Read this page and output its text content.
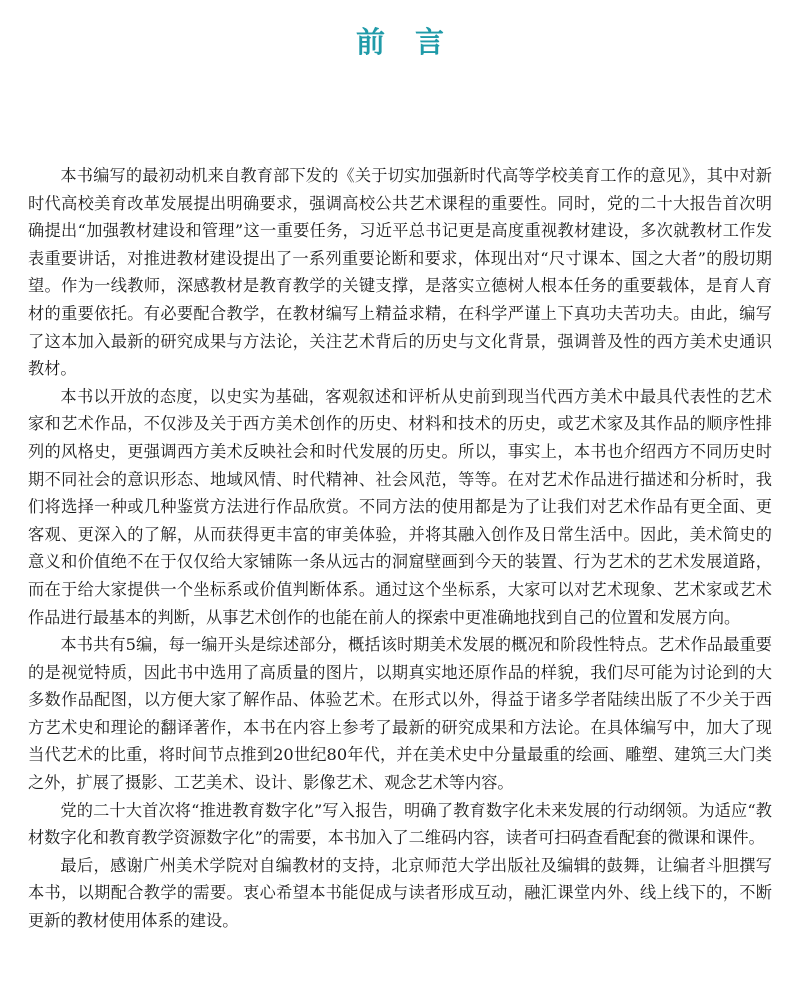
前言

本书编写的最初动机来自教育部下发的《关于切实加强新时代高等学校美育工作的意见》，其中对新时代高校美育改革发展提出明确要求，强调高校公共艺术课程的重要性。同时，党的二十大报告首次明确提出“加强教材建设和管理”这一重要任务，习近平总书记更是高度重视教材建设，多次就教材工作发表重要讲话，对推进教材建设提出了一系列重要论断和要求，体现出对“尺寸课本、国之大者”的殷切期望。作为一线教师，深感教材是教育教学的关键支撑，是落实立德树人根本任务的重要载体，是育人育材的重要依托。有必要配合教学，在教材编写上精益求精，在科学严谨上下真功夫苦功夫。由此，编写了这本加入最新的研究成果与方法论，关注艺术背后的历史与文化背景，强调普及性的西方美术史通识教材。

本书以开放的态度，以史实为基础，客观叙述和评析从史前到现当代西方美术中最具代表性的艺术家和艺术作品，不仅涉及关于西方美术创作的历史、材料和技术的历史，或艺术家及其作品的顺序性排列的风格史，更强调西方美术反映社会和时代发展的历史。所以，事实上，本书也介绍西方不同历史时期不同社会的意识形态、地域风情、时代精神、社会风范，等等。在对艺术作品进行描述和分析时，我们将选择一种或几种鉴赏方法进行作品欣赏。不同方法的使用都是为了让我们对艺术作品有更全面、更客观、更深入的了解，从而获得更丰富的审美体验，并将其融入创作及日常生活中。因此，美术简史的意义和价值绝不在于仅仅给大家铺陈一条从远古的洞窟壁画到今天的装置、行为艺术的艺术发展道路，而在于给大家提供一个坐标系或价值判断体系。通过这个坐标系，大家可以对艺术现象、艺术家或艺术作品进行最基本的判断，从事艺术创作的也能在前人的探索中更准确地找到自己的位置和发展方向。

本书共有5编，每一编开头是综述部分，概括该时期美术发展的概况和阶段性特点。艺术作品最重要的是视觉特质，因此书中选用了高质量的图片，以期真实地还原作品的样貌，我们尽可能为讨论到的大多数作品配图，以方便大家了解作品、体验艺术。在形式以外，得益于诸多学者陆续出版了不少关于西方艺术史和理论的翻译著作，本书在内容上参考了最新的研究成果和方法论。在具体编写中，加大了现当代艺术的比重，将时间节点推到20世纪80年代，并在美术史中分量最重的绘画、雕塑、建筑三大门类之外，扩展了摄影、工艺美术、设计、影像艺术、观念艺术等内容。

党的二十大首次将“推进教育数字化”写入报告，明确了教育数字化未来发展的行动纲领。为适应“教材数字化和教育教学资源数字化”的需要，本书加入了二维码内容，读者可扫码查看配套的微课和课件。

最后，感谢广州美术学院对自编教材的支持，北京师范大学出版社及编辑的鼓舞，让编者斗胆撰写本书，以期配合教学的需要。衷心希望本书能促成与读者形成互动，融汇课堂内外、线上线下的，不断更新的教材使用体系的建设。
